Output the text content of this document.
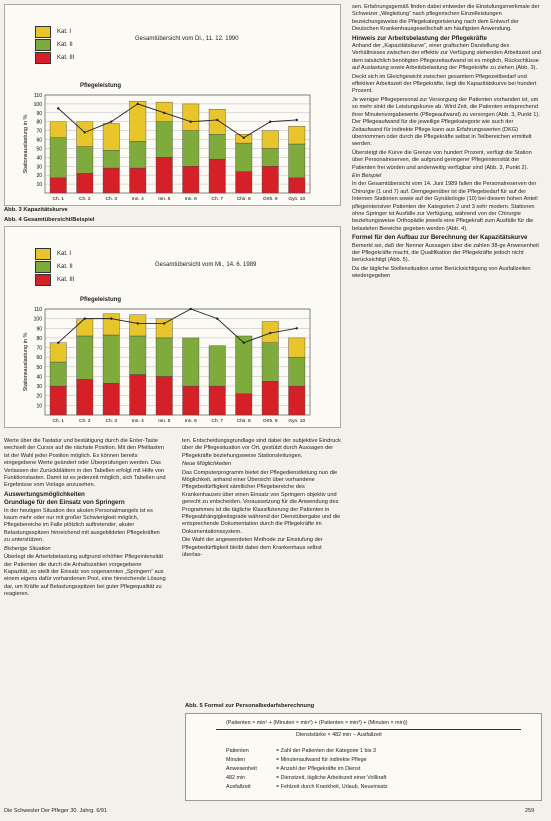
Kat. I
Kat. II
Kat. III
Gesamtübersicht vom Di., 11. 12. 1990
Pflegeleistung
110
100
90
80
70
60
50
40
30
20
10
Stationsauslastung in %
Ch. 1	Ch. 2	Ch. 3	Inn. 4	Inn. 5	Inn. 6	Ch. 7	Chir. 8	Orth. 9 Gyn. 10
Abb. 3 Kapazitätskurve
Abb. 4 Gesamtübersicht/Beispiel
Kat. I
Kat. II
Kat. III
Gesamtübersicht vom Mi., 14. 6. 1989
Pflegeleistung
110
100
90
80
70
60
50
40
30
20
10
Stationsauslastung in %
Ch. 1	Ch. 2	Ch. 3	Inn. 4	Inn. 5	Inn. 6	Ch. 7	Chir. 8	Orth. 9 Gyn. 10

sen. Erfahrungsgemäß finden dabei entweder die Einstufungsmerkmale der Schweizer „Wegleitung“ nach pflegerischen Einzelleistungen bezeichungsweise die Pflegekategorisierung nach dem Entwurf der Deutschen Krankenhausgesellschaft am häufigsten Anwendung.

Hinweis zur Arbeitsbelastung der Pflegekräfte

Anhand der „Kapazitätskurve“, einer grafischen Darstellung des Verhältnisses zwischen der effektiv zur Verfügung stehenden Arbeitszeit und dem tatsächlich benötigten Pflegezeitaufwand ist es möglich, Rückschlüsse auf Auslastung sowie Arbeitsbelastung der Pflegekräfte zu ziehen (Abb. 3).

Deckt sich im Gleichgewicht zwischen gesamtem Pflegezeitbedarf und effektiver Arbeitszeit der Pflegekräfte, liegt die Kapazitätskurve bei hundert Prozent.

Je weniger Pflegepersonal zur Versorgung der Patienten vorhanden ist, um so mehr sinkt die Leistungskurve ab. Wird Zeit, die Patienten entsprechend ihrer Minutenvorgabewerte (Pflegeaufwand) zu versorgen (Abb. 3, Punkt 1). Der Pflegeaufwand für die jeweilige Pflegekategorie wie auch der Zeitaufwand für indirekte Pflege kann aus Erfahrungswerten (DKG) übernommen oder durch die Pflegekräfte selbst in Teilbereichen ermittelt werden.

Übersteigt die Kurve die Grenze von hundert Prozent, verfügt die Station über Personalreserven, die aufgrund geringerer Pflegeintensität der Patienten frei würden und anderweitig verfügbar sind (Abb. 3, Punkt 2).

Ein Beispiel

In der Gesamtübersicht vom 14. Juni 1989 fallen die Personalreserven der Chirurgie (1 und 7) auf. Demgegenüber ist die Pflegebedarf für auf der Internen Stationen sowie auf der Gynäkologie (10) bei diesem hohen Anteil pflegeintensiver Patienten der Kategorien 2 und 3 sehr modern. Stationen ohne Springer ist Ausfälle zur Verfügung, während von der Chirurgie beziehungsweise Orthopädie jeweils eine Pflegekraft zum Ausfälle für die belasteten Bereiche gegeben werden (Abb. 4).

Formel für den Aufbau zur Berechnung der Kapazitätskurve

Bemerkt sei, daß der Nenner Aussagen über die zahlen 38-ge Anwesenheit der Pflegekräfte macht, die Qualifikation der Pflegekräfte jedoch nicht berücksichtigt (Abb. 5).

Da die tägliche Stellensituation unter Berücksichtigung von Ausfallzeiten wiedergegeben

Werte über die Tastatur und bestätigung durch die Enter-Taste wechselt der Cursor auf die nächste Position. Mit den Pfeiltasten ist der Wahl jeder Position möglich. Es können bereits eingegebene Werte geändert oder Überprüfungen werden. Das Verlassen der Zurückblättern in den Tabellen erfolgt mit Hilfe von Funktionstasten. Damit ist es jederzeit möglich, sich Tabellen und Ergebnisse vom Vorlage anzusehen.

Auswertungsmöglichkeiten

Grundlage für den Einsatz von Springern

In der heutigen Situation des akuten Personalmangels ist es kaum mehr oder nur mit großer Schwierigkeit möglich, Pflegebereiche im Falle plötzlich auftretender, akuter Belastungsspitzen hinreichend mit ausgebildeten Pflegekräften zu unterstützen.

Bisherige Situation

Überlegt die Arbeitsbelastung aufgrund erhöhter Pflegeintensität der Patienten die durch die Anhaltszahlen vorgegebene Kapazität, so stellt der Einsatz von sogenannten „Springern“ aus einem eigens dafür vorhandenen Pool, eine hinreichende Lösung dar, um Kräfte auf Belastungsspitzen bei guter Pflegequalität zu reagieren.

ten. Entscheidungsgrundlage sind dabei der subjektive Eindruck über die Pflegesituation vor Ort, gestützt durch Aussagen der Pflegekräfte beziehungsweise Stationsleitungen.

Neue Möglichkeiten

Das Computerprogramm bietet der Pflegedienstleitung nun die Möglichkeit, anhand einer Übersicht über vorhandene Pflegebedürftigkeit sämtlicher Pflegebereiche des Krankenhauses über einen Einsatz von Springern objektiv und gerecht zu entscheiden. Voraussetzung für die Anwendung des Programmes ist die tägliche Klassifizierung der Patienten in Pflegeabhängigkeitsgrade während der Dienstübergabe und die entsprechende Dokumentation durch die Pflegekräfte im Dokumentationssystem.

Die Wahl der angewendeten Methode zur Einstufung der Pflegebedürftigkeit bleibt dabei dem Krankenhaus selbst überlas-

Abb. 5 Formel zur Personalbedarfsberechnung
(Patienten × min¹ + (Minuten × min²) + (Patienten × min³) + (Minuten × min))
Dienststärke × 482 min − Ausfallzeit
Patienten	= Zahl der Patienten der Kategorie 1 bis 3
Minuten	= Minutenaufwand für indirekte Pflege
Anwesenheit	= Anzahl der Pflegekräfte im Dienst
482 min	= Dienstzeit, tägliche Arbeitszeit einer Vollkraft
Ausfallzeit	= Fehlzeit durch Krankheit, Urlaub, Neueinsatz
Die Schwester Der Pfleger 30. Jahrg. 6/91	259
